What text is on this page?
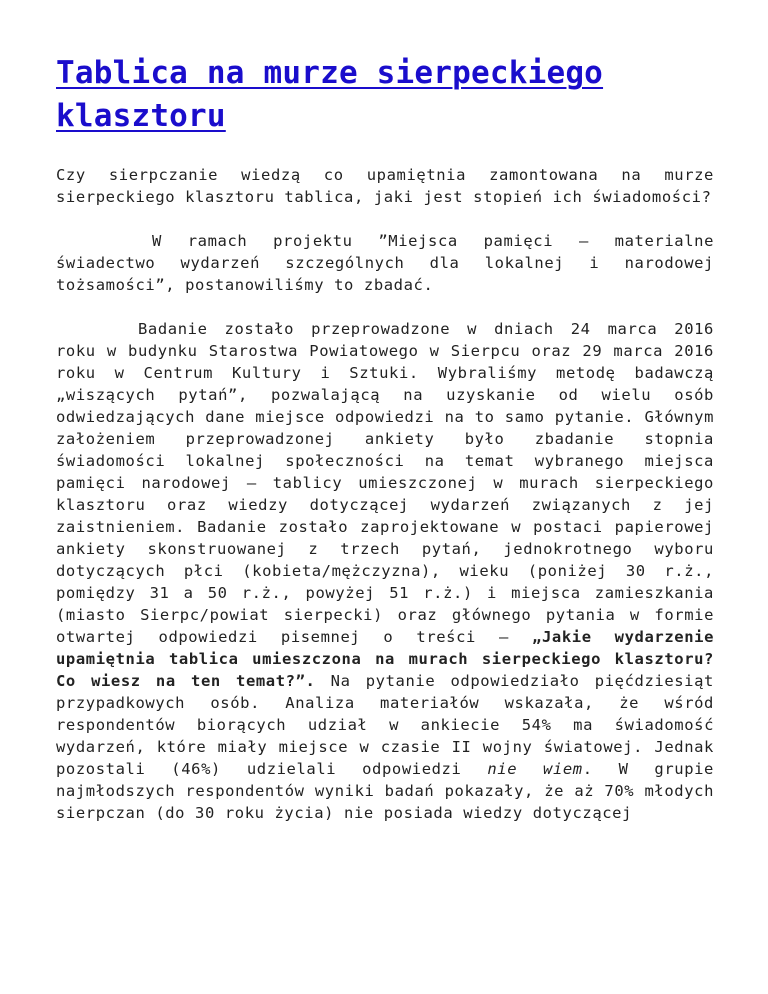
Tablica na murze sierpeckiego klasztoru

Czy sierpczanie wiedzą co upamiętnia zamontowana na murze sierpeckiego klasztoru tablica, jaki jest stopień ich świadomości?

W ramach projektu ”Miejsca pamięci – materialne świadectwo wydarzeń szczególnych dla lokalnej i narodowej tożsamości”, postanowiliśmy to zbadać.

Badanie zostało przeprowadzone w dniach 24 marca 2016 roku w budynku Starostwa Powiatowego w Sierpcu oraz 29 marca 2016 roku w Centrum Kultury i Sztuki. Wybraliśmy metodę badawczą „wiszących pytań”, pozwalającą na uzyskanie od wielu osób odwiedzających dane miejsce odpowiedzi na to samo pytanie. Głównym założeniem przeprowadzonej ankiety było zbadanie stopnia świadomości lokalnej społeczności na temat wybranego miejsca pamięci narodowej – tablicy umieszczonej w murach sierpeckiego klasztoru oraz wiedzy dotyczącej wydarzeń związanych z jej zaistnieniem. Badanie zostało zaprojektowane w postaci papierowej ankiety skonstruowanej z trzech pytań, jednokrotnego wyboru dotyczących płci (kobieta/mężczyzna), wieku (poniżej 30 r.ż., pomiędzy 31 a 50 r.ż., powyżej 51 r.ż.) i miejsca zamieszkania (miasto Sierpc/powiat sierpecki) oraz głównego pytania w formie otwartej odpowiedzi pisemnej o treści – „Jakie wydarzenie upamiętnia tablica umieszczona na murach sierpeckiego klasztoru? Co wiesz na ten temat?”. Na pytanie odpowiedziało pięćdziesiąt przypadkowych osób. Analiza materiałów wskazała, że wśród respondentów biorących udział w ankiecie 54% ma świadomość wydarzeń, które miały miejsce w czasie II wojny światowej. Jednak pozostali (46%) udzielali odpowiedzi nie wiem. W grupie najmłodszych respondentów wyniki badań pokazały, że aż 70% młodych sierpczan (do 30 roku życia) nie posiada wiedzy dotyczącej
